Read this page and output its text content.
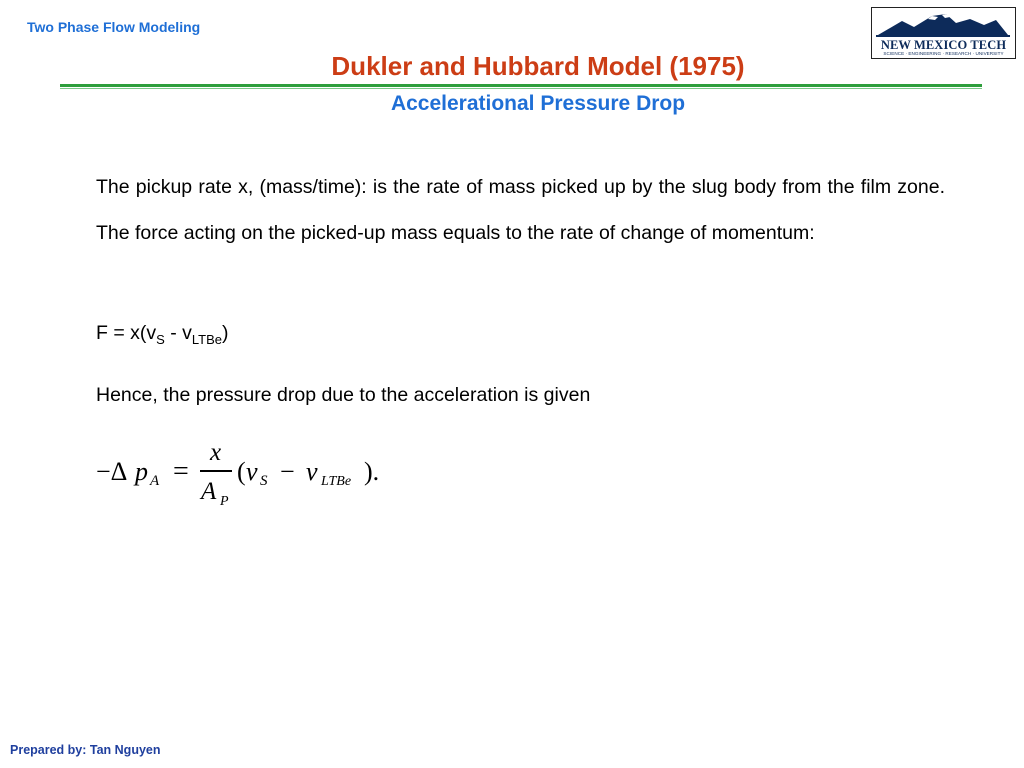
Two Phase Flow Modeling
NEW MEXICO TECH
SCIENCE · ENGINEERING · RESEARCH · UNIVERSITY
Dukler and Hubbard Model (1975)
Accelerational Pressure Drop

The pickup rate x, (mass/time): is the rate of mass picked up by the slug body from the film zone. The force acting on the picked-up mass equals to the rate of change of momentum:

$F = x(v_S - v_{LTBe})$
Hence, the pressure drop due to the acceleration is given
−Δ p A =
x
A P
( ν S − ν LTBe ).
Prepared by: Tan Nguyen
